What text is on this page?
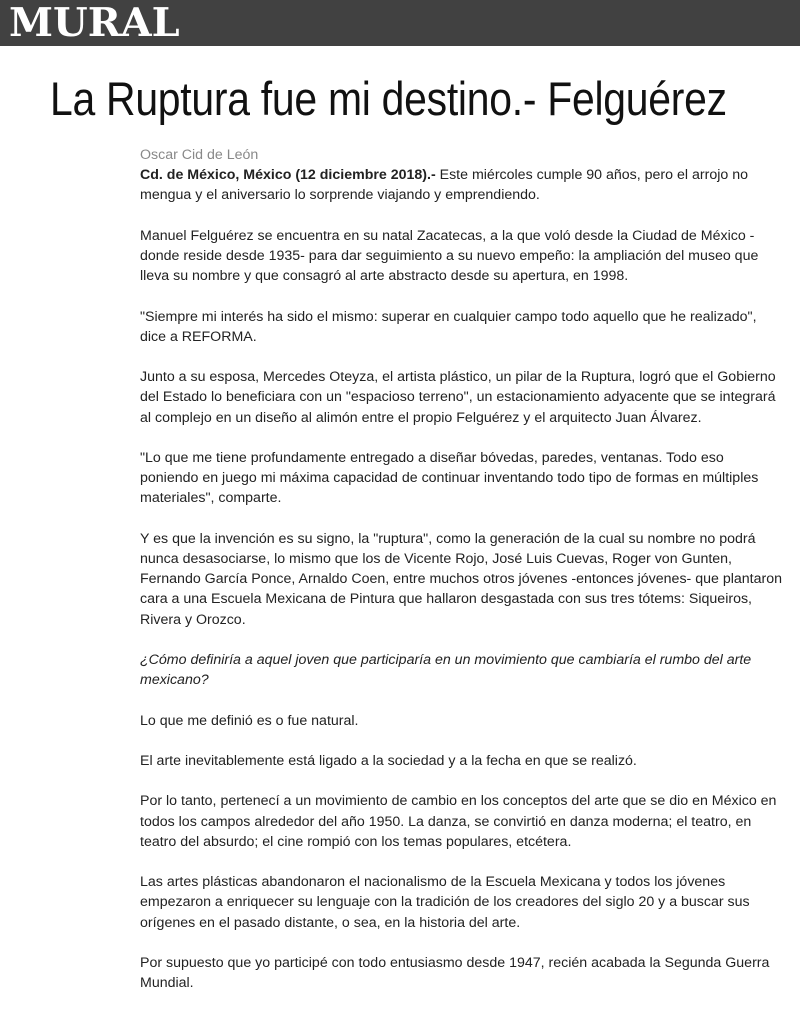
MURAL
La Ruptura fue mi destino.- Felguérez
Oscar Cid de León

Cd. de México, México (12 diciembre 2018).- Este miércoles cumple 90 años, pero el arrojo no mengua y el aniversario lo sorprende viajando y emprendiendo.

Manuel Felguérez se encuentra en su natal Zacatecas, a la que voló desde la Ciudad de México -donde reside desde 1935- para dar seguimiento a su nuevo empeño: la ampliación del museo que lleva su nombre y que consagró al arte abstracto desde su apertura, en 1998.

"Siempre mi interés ha sido el mismo: superar en cualquier campo todo aquello que he realizado", dice a REFORMA.

Junto a su esposa, Mercedes Oteyza, el artista plástico, un pilar de la Ruptura, logró que el Gobierno del Estado lo beneficiara con un "espacioso terreno", un estacionamiento adyacente que se integrará al complejo en un diseño al alimón entre el propio Felguérez y el arquitecto Juan Álvarez.

"Lo que me tiene profundamente entregado a diseñar bóvedas, paredes, ventanas. Todo eso poniendo en juego mi máxima capacidad de continuar inventando todo tipo de formas en múltiples materiales", comparte.

Y es que la invención es su signo, la "ruptura", como la generación de la cual su nombre no podrá nunca desasociarse, lo mismo que los de Vicente Rojo, José Luis Cuevas, Roger von Gunten, Fernando García Ponce, Arnaldo Coen, entre muchos otros jóvenes -entonces jóvenes- que plantaron cara a una Escuela Mexicana de Pintura que hallaron desgastada con sus tres tótems: Siqueiros, Rivera y Orozco.

¿Cómo definiría a aquel joven que participaría en un movimiento que cambiaría el rumbo del arte mexicano?

Lo que me definió es o fue natural.

El arte inevitablemente está ligado a la sociedad y a la fecha en que se realizó.

Por lo tanto, pertenecí a un movimiento de cambio en los conceptos del arte que se dio en México en todos los campos alrededor del año 1950. La danza, se convirtió en danza moderna; el teatro, en teatro del absurdo; el cine rompió con los temas populares, etcétera.

Las artes plásticas abandonaron el nacionalismo de la Escuela Mexicana y todos los jóvenes empezaron a enriquecer su lenguaje con la tradición de los creadores del siglo 20 y a buscar sus orígenes en el pasado distante, o sea, en la historia del arte.

Por supuesto que yo participé con todo entusiasmo desde 1947, recién acabada la Segunda Guerra Mundial.
